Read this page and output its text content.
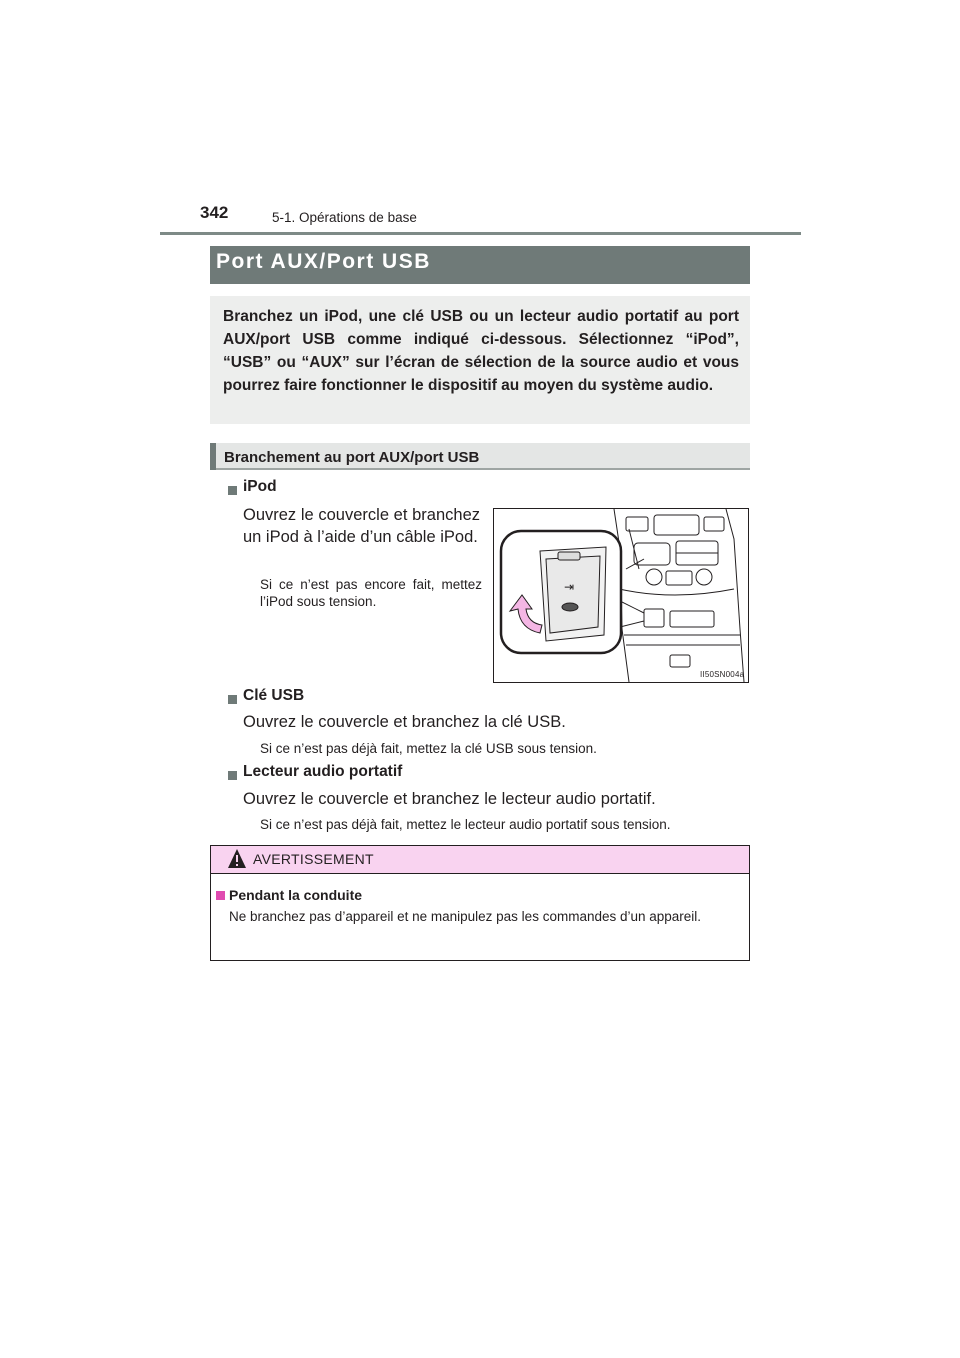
342	5-1. Opérations de base
Port AUX/Port USB
Branchez un iPod, une clé USB ou un lecteur audio portatif au port AUX/port USB comme indiqué ci-dessous. Sélectionnez “iPod”, “USB” ou “AUX” sur l’écran de sélection de la source audio et vous pourrez faire fonctionner le dispositif au moyen du système audio.
Branchement au port AUX/port USB
iPod
Ouvrez le couvercle et branchez un iPod à l’aide d’un câble iPod.
Si ce n’est pas encore fait, mettez l’iPod sous tension.
⇥
II50SN004a
Clé USB
Ouvrez le couvercle et branchez la clé USB.
Si ce n’est pas déjà fait, mettez la clé USB sous tension.
Lecteur audio portatif
Ouvrez le couvercle et branchez le lecteur audio portatif.
Si ce n’est pas déjà fait, mettez le lecteur audio portatif sous tension.
AVERTISSEMENT
Pendant la conduite
Ne branchez pas d’appareil et ne manipulez pas les commandes d’un appareil.
